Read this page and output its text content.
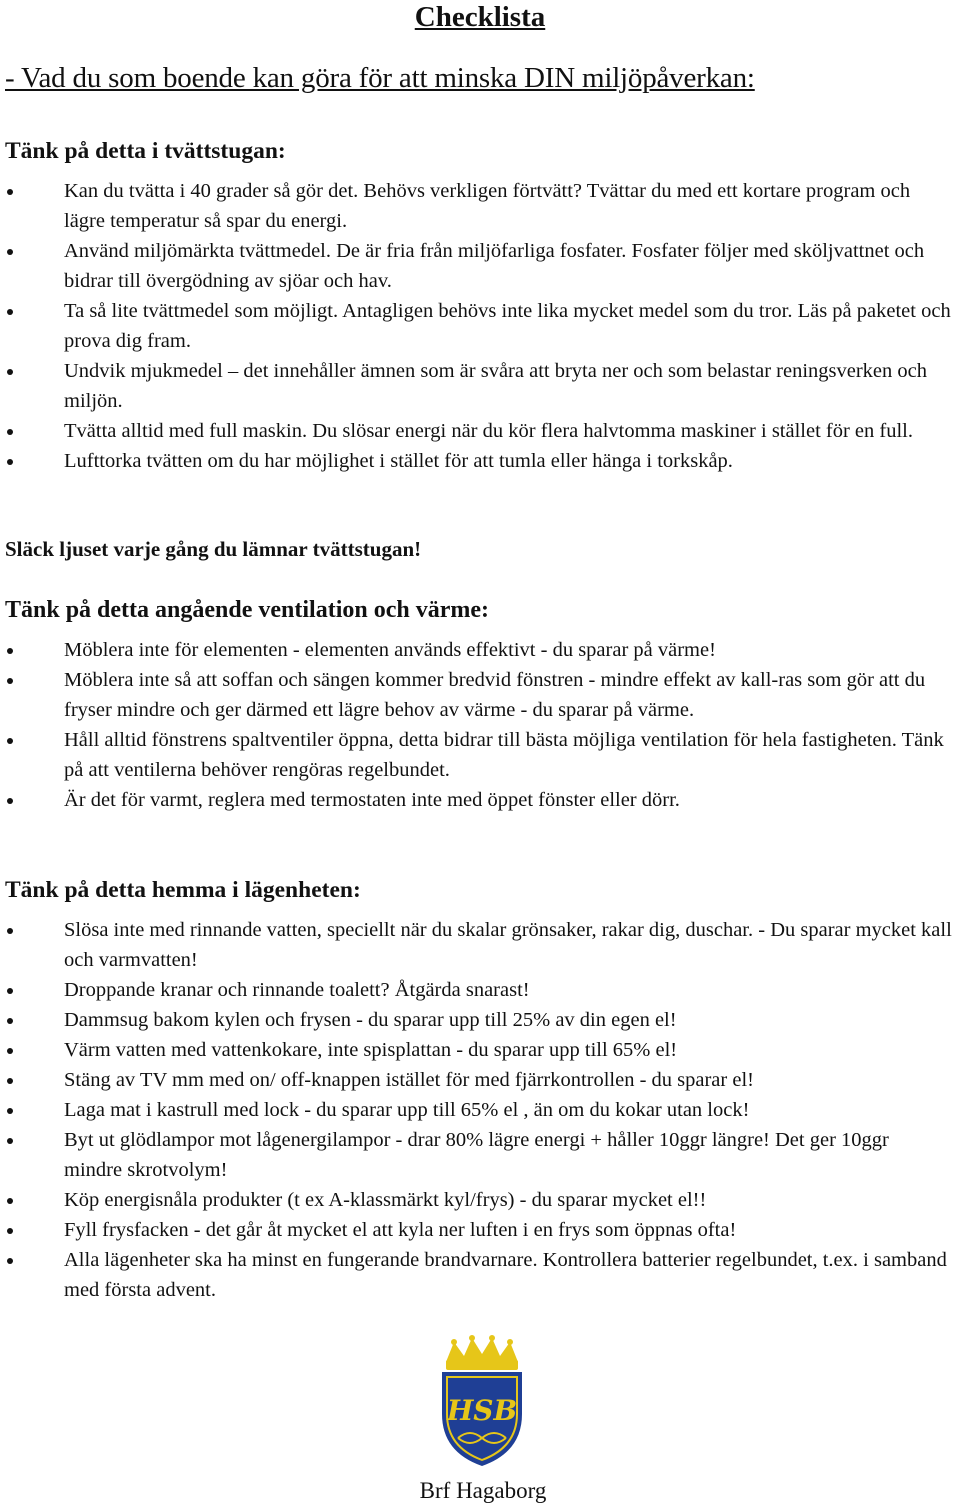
Checklista
- Vad du som boende kan göra för att minska DIN miljöpåverkan:
Tänk på detta i tvättstugan:
Kan du tvätta i 40 grader så gör det. Behövs verkligen förtvätt? Tvättar du med ett kortare program och lägre temperatur så spar du energi.
Använd miljömärkta tvättmedel. De är fria från miljöfarliga fosfater. Fosfater följer med sköljvattnet och bidrar till övergödning av sjöar och hav.
Ta så lite tvättmedel som möjligt. Antagligen behövs inte lika mycket medel som du tror. Läs på paketet och prova dig fram.
Undvik mjukmedel – det innehåller ämnen som är svåra att bryta ner och som belastar reningsverken och miljön.
Tvätta alltid med full maskin. Du slösar energi när du kör flera halvtomma maskiner i stället för en full.
Lufttorka tvätten om du har möjlighet i stället för att tumla eller hänga i torkskåp.
Släck ljuset varje gång du lämnar tvättstugan!
Tänk på detta angående ventilation och värme:
Möblera inte för elementen - elementen används effektivt - du sparar på värme!
Möblera inte så att soffan och sängen kommer bredvid fönstren - mindre effekt av kall-ras som gör att du fryser mindre och ger därmed ett lägre behov av värme - du sparar på värme.
Håll alltid fönstrens spaltventiler öppna, detta bidrar till bästa möjliga ventilation för hela fastigheten. Tänk på att ventilerna behöver rengöras regelbundet.
Är det för varmt, reglera med termostaten inte med öppet fönster eller dörr.
Tänk på detta hemma i lägenheten:
Slösa inte med rinnande vatten, speciellt när du skalar grönsaker, rakar dig, duschar. - Du sparar mycket kall och varmvatten!
Droppande kranar och rinnande toalett? Åtgärda snarast!
Dammsug bakom kylen och frysen - du sparar upp till 25% av din egen el!
Värm vatten med vattenkokare, inte spisplattan - du sparar upp till 65% el!
Stäng av TV mm med on/ off-knappen istället för med fjärrkontrollen - du sparar el!
Laga mat i kastrull med lock - du sparar upp till 65% el , än om du kokar utan lock!
Byt ut glödlampor mot lågenergilampor - drar 80% lägre energi + håller 10ggr längre! Det ger 10ggr mindre skrotvolym!
Köp energisnåla produkter (t ex A-klassmärkt kyl/frys) - du sparar mycket el!!
Fyll frysfacken - det går åt mycket el att kyla ner luften i en frys som öppnas ofta!
Alla lägenheter ska ha minst en fungerande brandvarnare. Kontrollera batterier regelbundet, t.ex. i samband med första advent.
HSB
Brf Hagaborg
